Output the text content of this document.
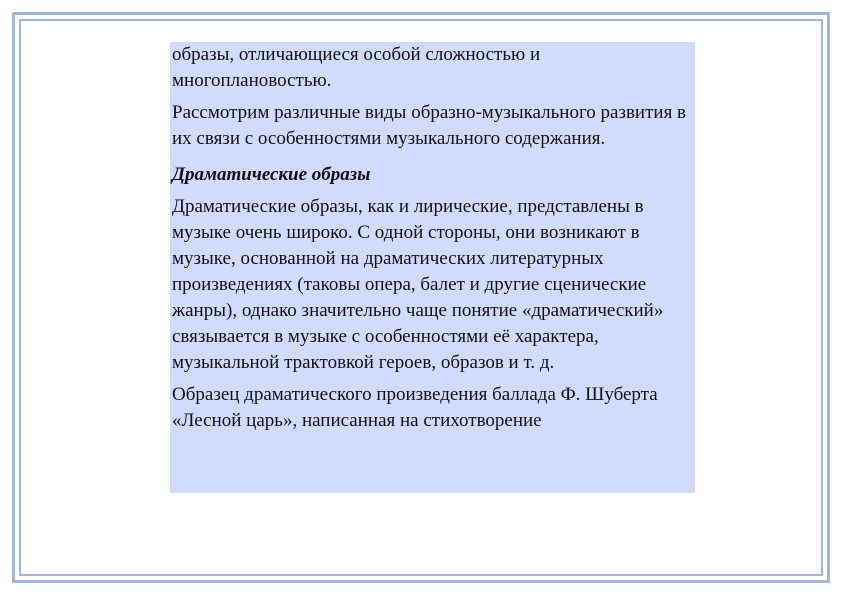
образы, отличающиеся особой сложностью и многоплановостью.

Рассмотрим различные виды образно-музыкального развития в их связи с особенностями музыкального содержания.

Драматические образы

Драматические образы, как и лирические, представлены в музыке очень широко. С одной стороны, они возникают в музыке, основанной на драматических литературных произведениях (таковы опера, балет и другие сценические жанры), однако значительно чаще понятие «драматический» связывается в музыке с особенностями её характера, музыкальной трактовкой героев, образов и т. д.

Образец драматического произведения баллада Ф. Шуберта «Лесной царь», написанная на стихотворение
